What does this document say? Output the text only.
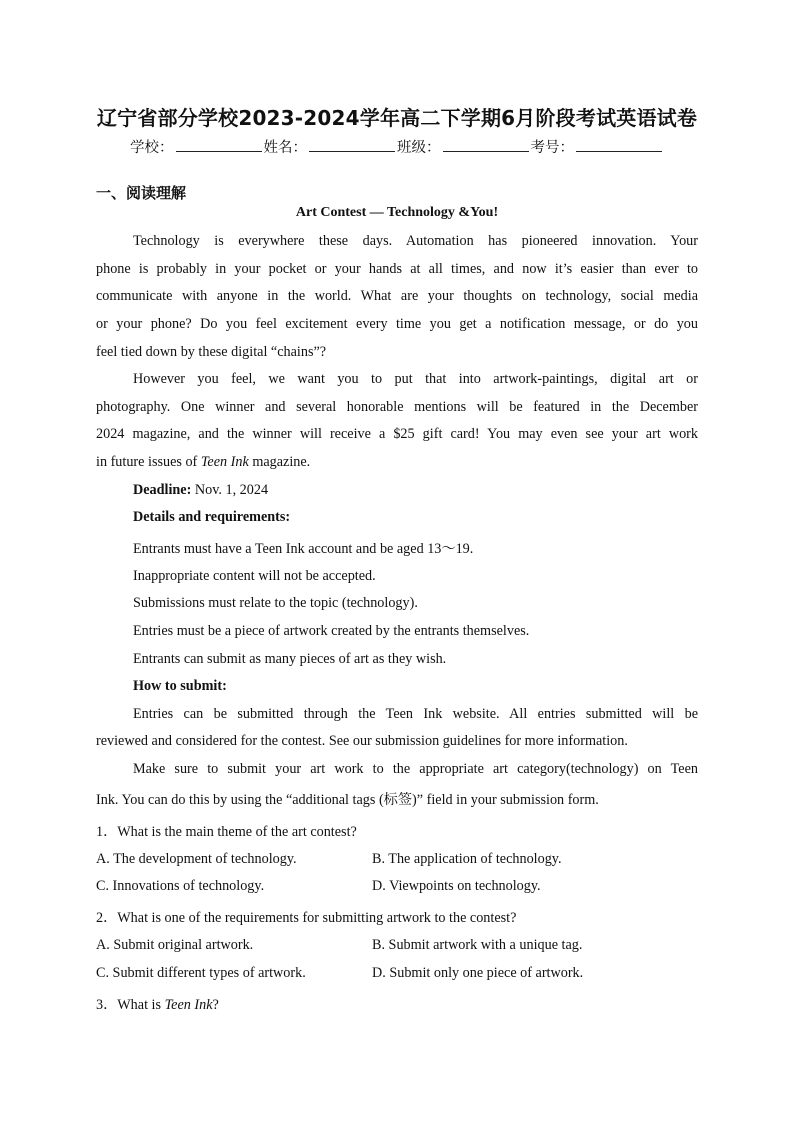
辽宁省部分学校2023-2024学年高二下学期6月阶段考试英语试卷
学校：	姓名：	班级：	考号：
一、阅读理解
Art Contest — Technology &You!
Technology is everywhere these days. Automation has pioneered innovation. Your
phone is probably in your pocket or your hands at all times, and now it’s easier than ever to
communicate with anyone in the world. What are your thoughts on technology, social media
or your phone? Do you feel excitement every time you get a notification message, or do you
feel tied down by these digital “chains”?
However you feel, we want you to put that into artwork-paintings, digital art or
photography. One winner and several honorable mentions will be featured in the December
2024 magazine, and the winner will receive a $25 gift card! You may even see your art work
in future issues of Teen Ink magazine.
Deadline: Nov. 1, 2024
Details and requirements:
Entrants must have a Teen Ink account and be aged 13～19.
Inappropriate content will not be accepted.
Submissions must relate to the topic (technology).
Entries must be a piece of artwork created by the entrants themselves.
Entrants can submit as many pieces of art as they wish.
How to submit:
Entries can be submitted through the Teen Ink website. All entries submitted will be
reviewed and considered for the contest. See our submission guidelines for more information.
Make sure to submit your art work to the appropriate art category(technology) on Teen
Ink. You can do this by using the “additional tags (标签)” field in your submission form.
1．What is the main theme of the art contest?
A. The development of technology.	B. The application of technology.
C. Innovations of technology.	D. Viewpoints on technology.
2．What is one of the requirements for submitting artwork to the contest?
A. Submit original artwork.	B. Submit artwork with a unique tag.
C. Submit different types of artwork.	D. Submit only one piece of artwork.
3．What is Teen Ink?
